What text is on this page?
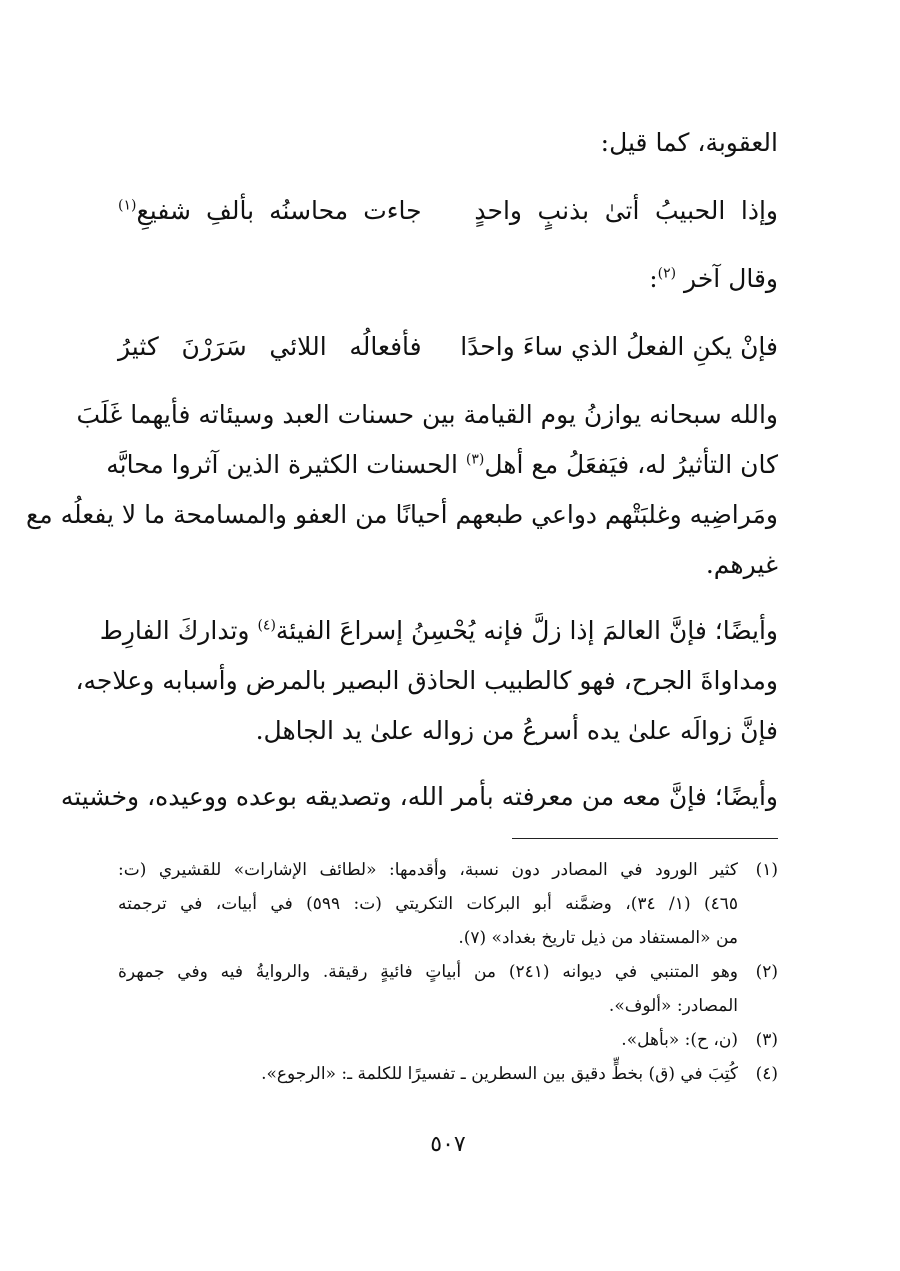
العقوبة، كما قيل:
وإذا الحبيبُ أتىٰ بذنبٍ واحدٍ
جاءت محاسنُه بألفِ شفيعِ$^{(١)}$
وقال آخر $^{(٢)}$:
فإنْ يكنِ الفعلُ الذي ساءَ واحدًا
فأفعالُه اللائي سَرَرْنَ كثيرُ
والله سبحانه يوازنُ يوم القيامة بين حسنات العبد وسيئاته فأيهما غَلَبَ
كان التأثيرُ له، فيَفعَلُ مع أهل$^{(٣)}$ الحسنات الكثيرة الذين آثروا محابَّه
ومَراضِيه وغلبَتْهم دواعي طبعهم أحيانًا من العفو والمسامحة ما لا يفعلُه مع
غيرهم.
وأيضًا؛ فإنَّ العالمَ إذا زلَّ فإنه يُحْسِنُ إسراعَ الفيئة$^{(٤)}$ وتداركَ الفارِط
ومداواةَ الجرح، فهو كالطبيب الحاذق البصير بالمرض وأسبابه وعلاجه،
فإنَّ زوالَه علىٰ يده أسرعُ من زواله علىٰ يد الجاهل.
وأيضًا؛ فإنَّ معه من معرفته بأمر الله، وتصديقه بوعده ووعيده، وخشيته
(١)
كثير الورود في المصادر دون نسبة، وأقدمها: «لطائف الإشارات» للقشيري (ت:
٤٦٥) (١/ ٣٤)، وضمَّنه أبو البركات التكريتي (ت: ٥٩٩) في أبيات، في ترجمته
من «المستفاد من ذيل تاريخ بغداد» (٧).
(٢)
وهو المتنبي في ديوانه (٢٤١) من أبياتٍ فائيةٍ رقيقة. والروايةُ فيه وفي جمهرة
المصادر: «ألوف».
(٣)
(ن، ح): «بأهل».
(٤)
كُتِبَ في (ق) بخطٍّ دقيق بين السطرين ـ تفسيرًا للكلمة ـ: «الرجوع».
٥٠٧
